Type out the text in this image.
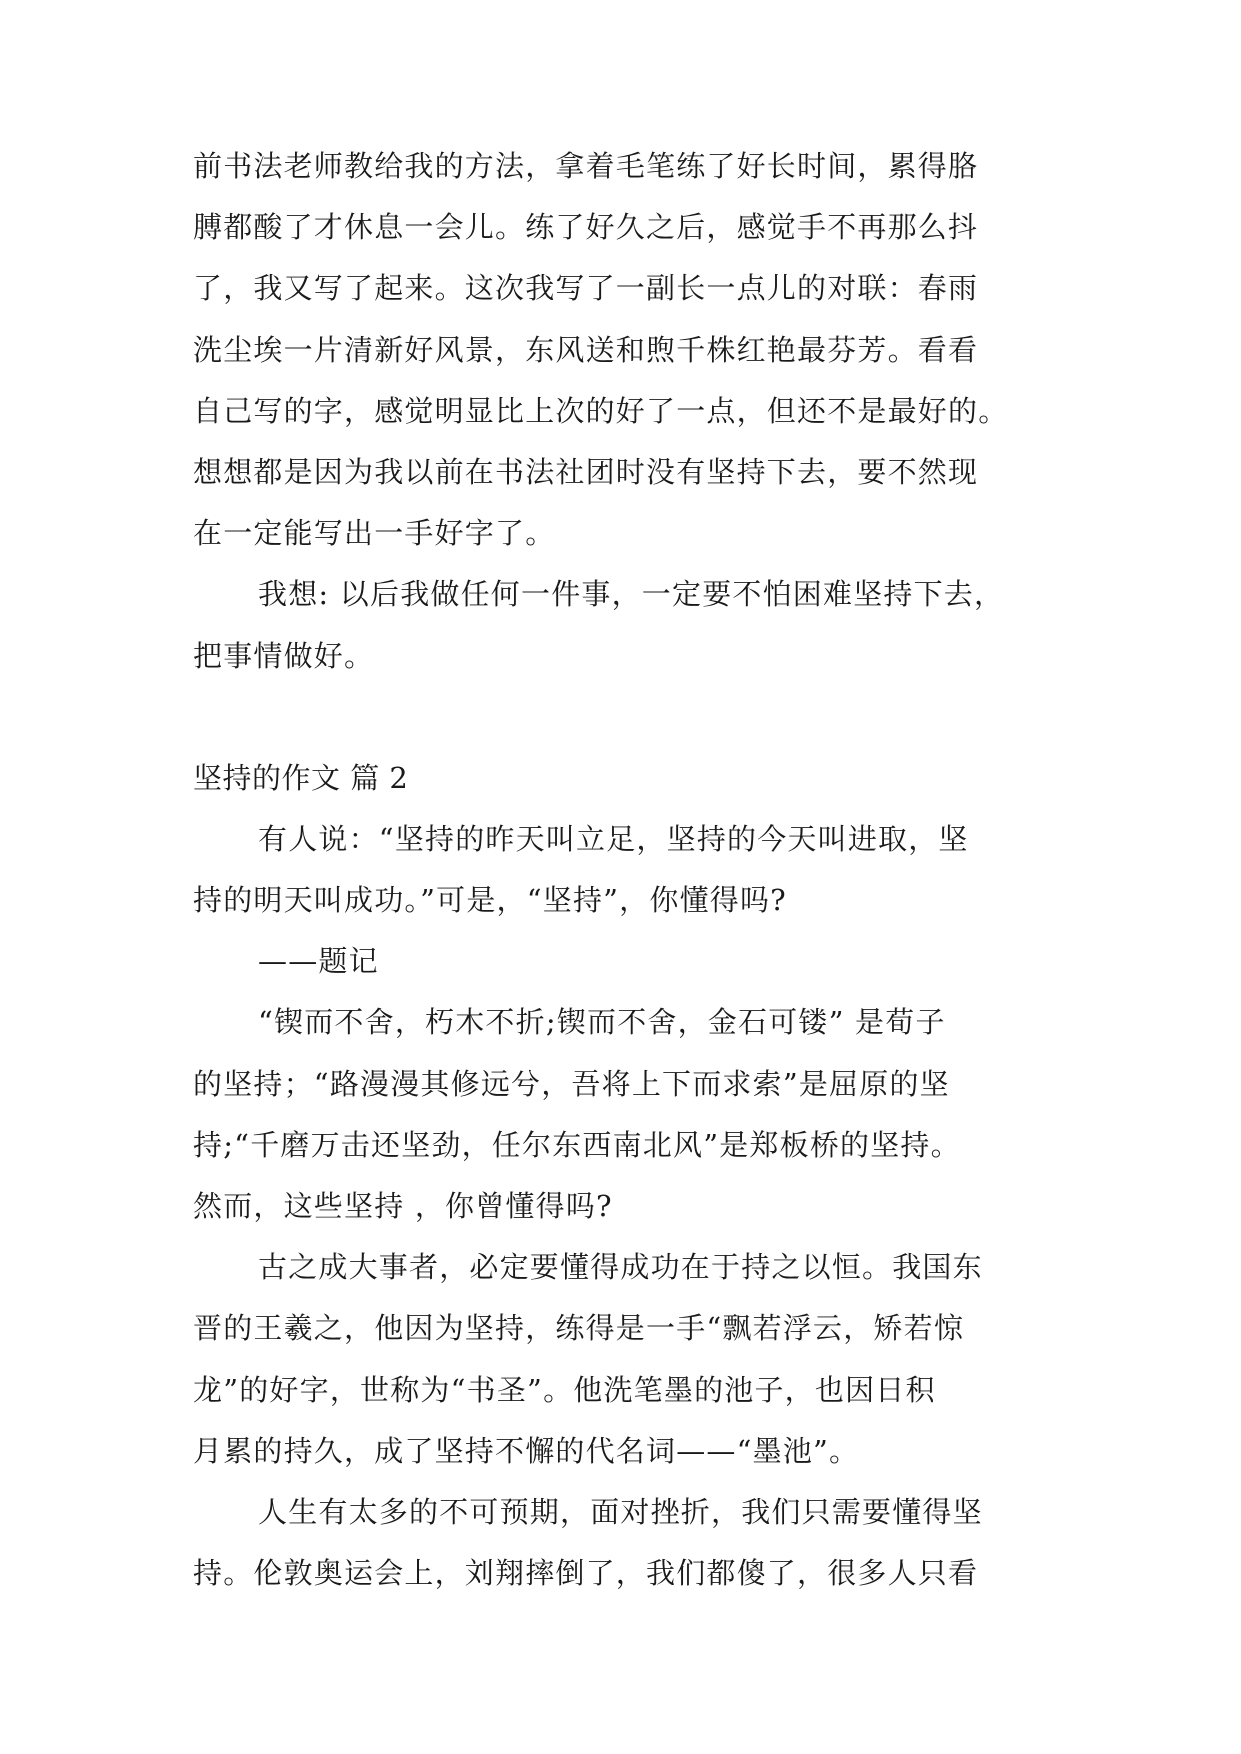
前书法老师教给我的方法，拿着毛笔练了好长时间，累得胳
膊都酸了才休息一会儿。练了好久之后，感觉手不再那么抖
了，我又写了起来。这次我写了一副长一点儿的对联：春雨
洗尘埃一片清新好风景，东风送和煦千株红艳最芬芳。看看
自己写的字，感觉明显比上次的好了一点，但还不是最好的。
想想都是因为我以前在书法社团时没有坚持下去，要不然现
在一定能写出一手好字了。
我想: 以后我做任何一件事，一定要不怕困难坚持下去，
把事情做好。
坚持的作文 篇 2
有人说：“坚持的昨天叫立足，坚持的今天叫进取，坚
持的明天叫成功。”可是，“坚持”，你懂得吗?
——题记
“锲而不舍，朽木不折;锲而不舍，金石可镂” 是荀子
的坚持；“路漫漫其修远兮，吾将上下而求索”是屈原的坚
持;“千磨万击还坚劲，任尔东西南北风”是郑板桥的坚持。
然而，这些坚持 ，你曾懂得吗?
古之成大事者，必定要懂得成功在于持之以恒。我国东
晋的王羲之，他因为坚持，练得是一手“飘若浮云，矫若惊
龙”的好字，世称为“书圣”。他洗笔墨的池子，也因日积
月累的持久，成了坚持不懈的代名词——“墨池”。
人生有太多的不可预期，面对挫折，我们只需要懂得坚
持。伦敦奥运会上，刘翔摔倒了，我们都傻了，很多人只看
